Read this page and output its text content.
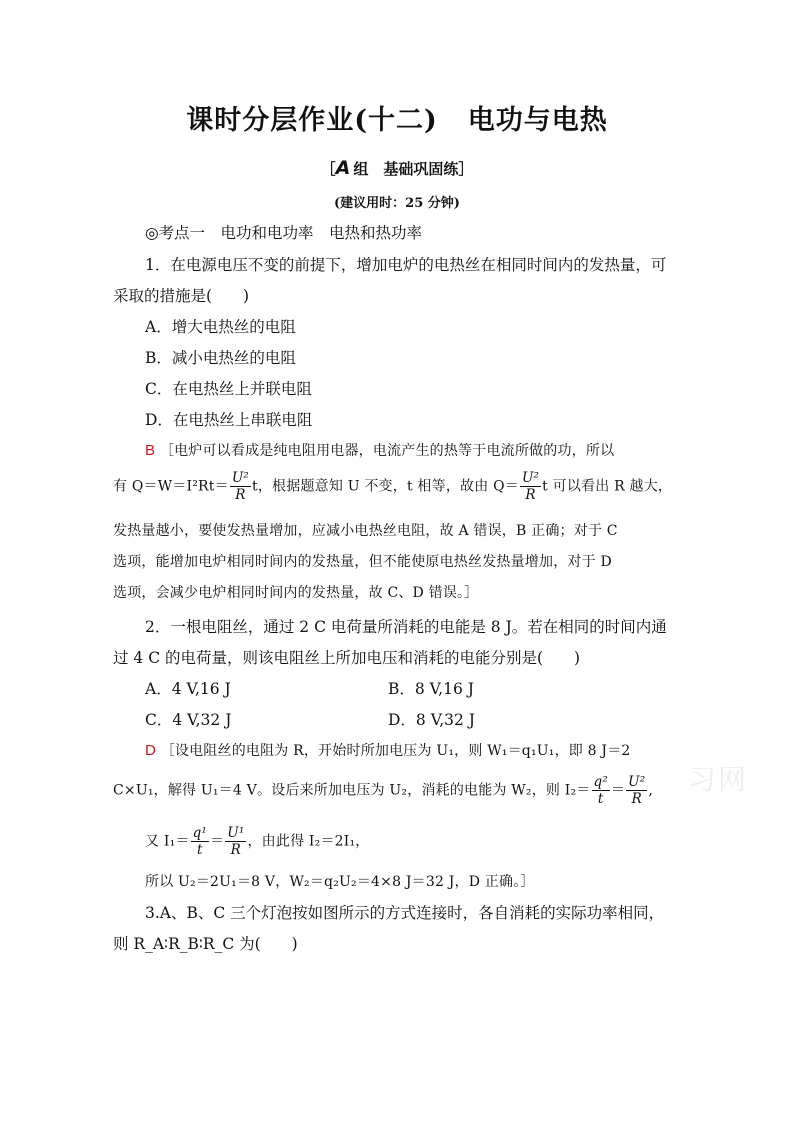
课时分层作业(十二) 电功与电热
［A 组　基础巩固练］
(建议用时：25 分钟)
◎考点一　电功和电功率　电热和热功率
1．在电源电压不变的前提下，增加电炉的电热丝在相同时间内的发热量，可
采取的措施是(　　)
A．增大电热丝的电阻
B．减小电热丝的电阻
C．在电热丝上并联电阻
D．在电热丝上串联电阻
B ［电炉可以看成是纯电阻用电器，电流产生的热等于电流所做的功，所以
有 $Q=W=I^2Rt= \frac{\text{U²}}{R}$ t，根据题意知 U 不变，t 相等，故由 $Q= \frac{\text{U²}}{R}$ t 可以看出 R 越大，
发热量越小，要使发热量增加，应减小电热丝电阻，故 A 错误，B 正确；对于 C
选项，能增加电炉相同时间内的发热量，但不能使原电热丝发热量增加，对于 D
选项，会减少电炉相同时间内的发热量，故 C、D 错误。］
2．一根电阻丝，通过 2 C 电荷量所消耗的电能是 8 J。若在相同的时间内通
过 4 C 的电荷量，则该电阻丝上所加电压和消耗的电能分别是(　　)
A．4 V,16 J	B．8 V,16 J
C．4 V,32 J	D．8 V,32 J
D ［设电阻丝的电阻为 R，开始时所加电压为 U₁，则 W₁＝q₁U₁，即 8 J＝2
C×U₁，解得 U₁＝4 V。设后来所加电压为 U₂，消耗的电能为 W₂，则 $I_2= \frac{\text{q²}}{t} = \frac{\text{U²}}{R}$ ,
又 $I_1= \frac{\text{q¹}}{t} = \frac{\text{U¹}}{R}$ ，由此得 I₂＝2I₁，
所以 U₂＝2U₁＝8 V，W₂＝q₂U₂＝4×8 J＝32 J，D 正确。］
3.A、B、C 三个灯泡按如图所示的方式连接时，各自消耗的实际功率相同，
则 R_A∶R_B∶R_C 为(　　)
习网
